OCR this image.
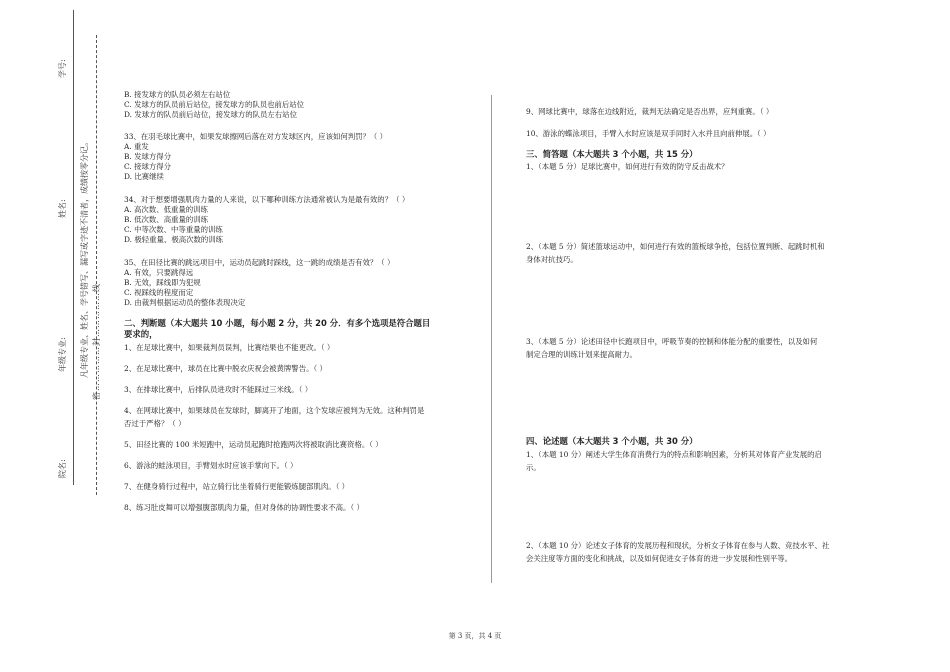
学号:
姓名:
年级专业:
院名:
凡年级专业、姓名、学号错写、漏写或字迹不清者，成绩按零分记。 密……………封……………线

B. 接发球方的队员必须左右站位

C. 发球方的队员前后站位，接发球方的队员也前后站位

D. 发球方的队员前后站位，接发球方的队员左右站位

33、在羽毛球比赛中，如果发球擦网后落在对方发球区内，应该如何判罚？（ ）

A. 重发

B. 发球方得分

C. 接球方得分

D. 比赛继续

34、对于想要增强肌肉力量的人来说，以下哪种训练方法通常被认为是最有效的？（ ）

A. 高次数、低重量的训练

B. 低次数、高重量的训练

C. 中等次数、中等重量的训练

D. 极轻重量、极高次数的训练

35、在田径比赛的跳远项目中，运动员起跳时踩线，这一跳的成绩是否有效？（ ）

A. 有效，只要跳得远

B. 无效，踩线即为犯规

C. 视踩线的程度而定

D. 由裁判根据运动员的整体表现决定

二、判断题（本大题共 10 小题，每小题 2 分，共 20 分．有多个选项是符合题目

要求的，

1、在足球比赛中，如果裁判员误判，比赛结果也不能更改。（ ）

2、在足球比赛中，球员在比赛中脱衣庆祝会被黄牌警告。（ ）

3、在排球比赛中，后排队员进攻时不能踩过三米线。（ ）

4、在网球比赛中，如果球员在发球时，脚离开了地面，这个发球应被判为无效。这种判罚是

否过于严格？（ ）

5、田径比赛的 100 米短跑中，运动员起跑时抢跑两次将被取消比赛资格。（ ）

6、游泳的蛙泳项目，手臂划水时应该手掌向下。（ ）

7、在健身骑行过程中，站立骑行比坐着骑行更能锻炼腿部肌肉。（ ）

8、练习肚皮舞可以增强腹部肌肉力量，但对身体的协调性要求不高。（ ）

9、网球比赛中，球落在边线附近，裁判无法确定是否出界，应判重赛。（ ）

10、游泳的蝶泳项目，手臂入水时应该是双手同时入水并且向前伸展。（ ）

三、简答题（本大题共 3 个小题，共 15 分）

1、（本题 5 分）足球比赛中，如何进行有效的防守反击战术？

2、（本题 5 分）简述篮球运动中，如何进行有效的篮板球争抢，包括位置判断、起跳时机和

身体对抗技巧。

3、（本题 5 分）论述田径中长跑项目中，呼吸节奏的控制和体能分配的重要性，以及如何

制定合理的训练计划来提高耐力。

四、论述题（本大题共 3 个小题，共 30 分）

1、（本题 10 分）阐述大学生体育消费行为的特点和影响因素，分析其对体育产业发展的启

示。

2、（本题 10 分）论述女子体育的发展历程和现状，分析女子体育在参与人数、竞技水平、社

会关注度等方面的变化和挑战，以及如何促进女子体育的进一步发展和性别平等。

第 3 页，共 4 页
